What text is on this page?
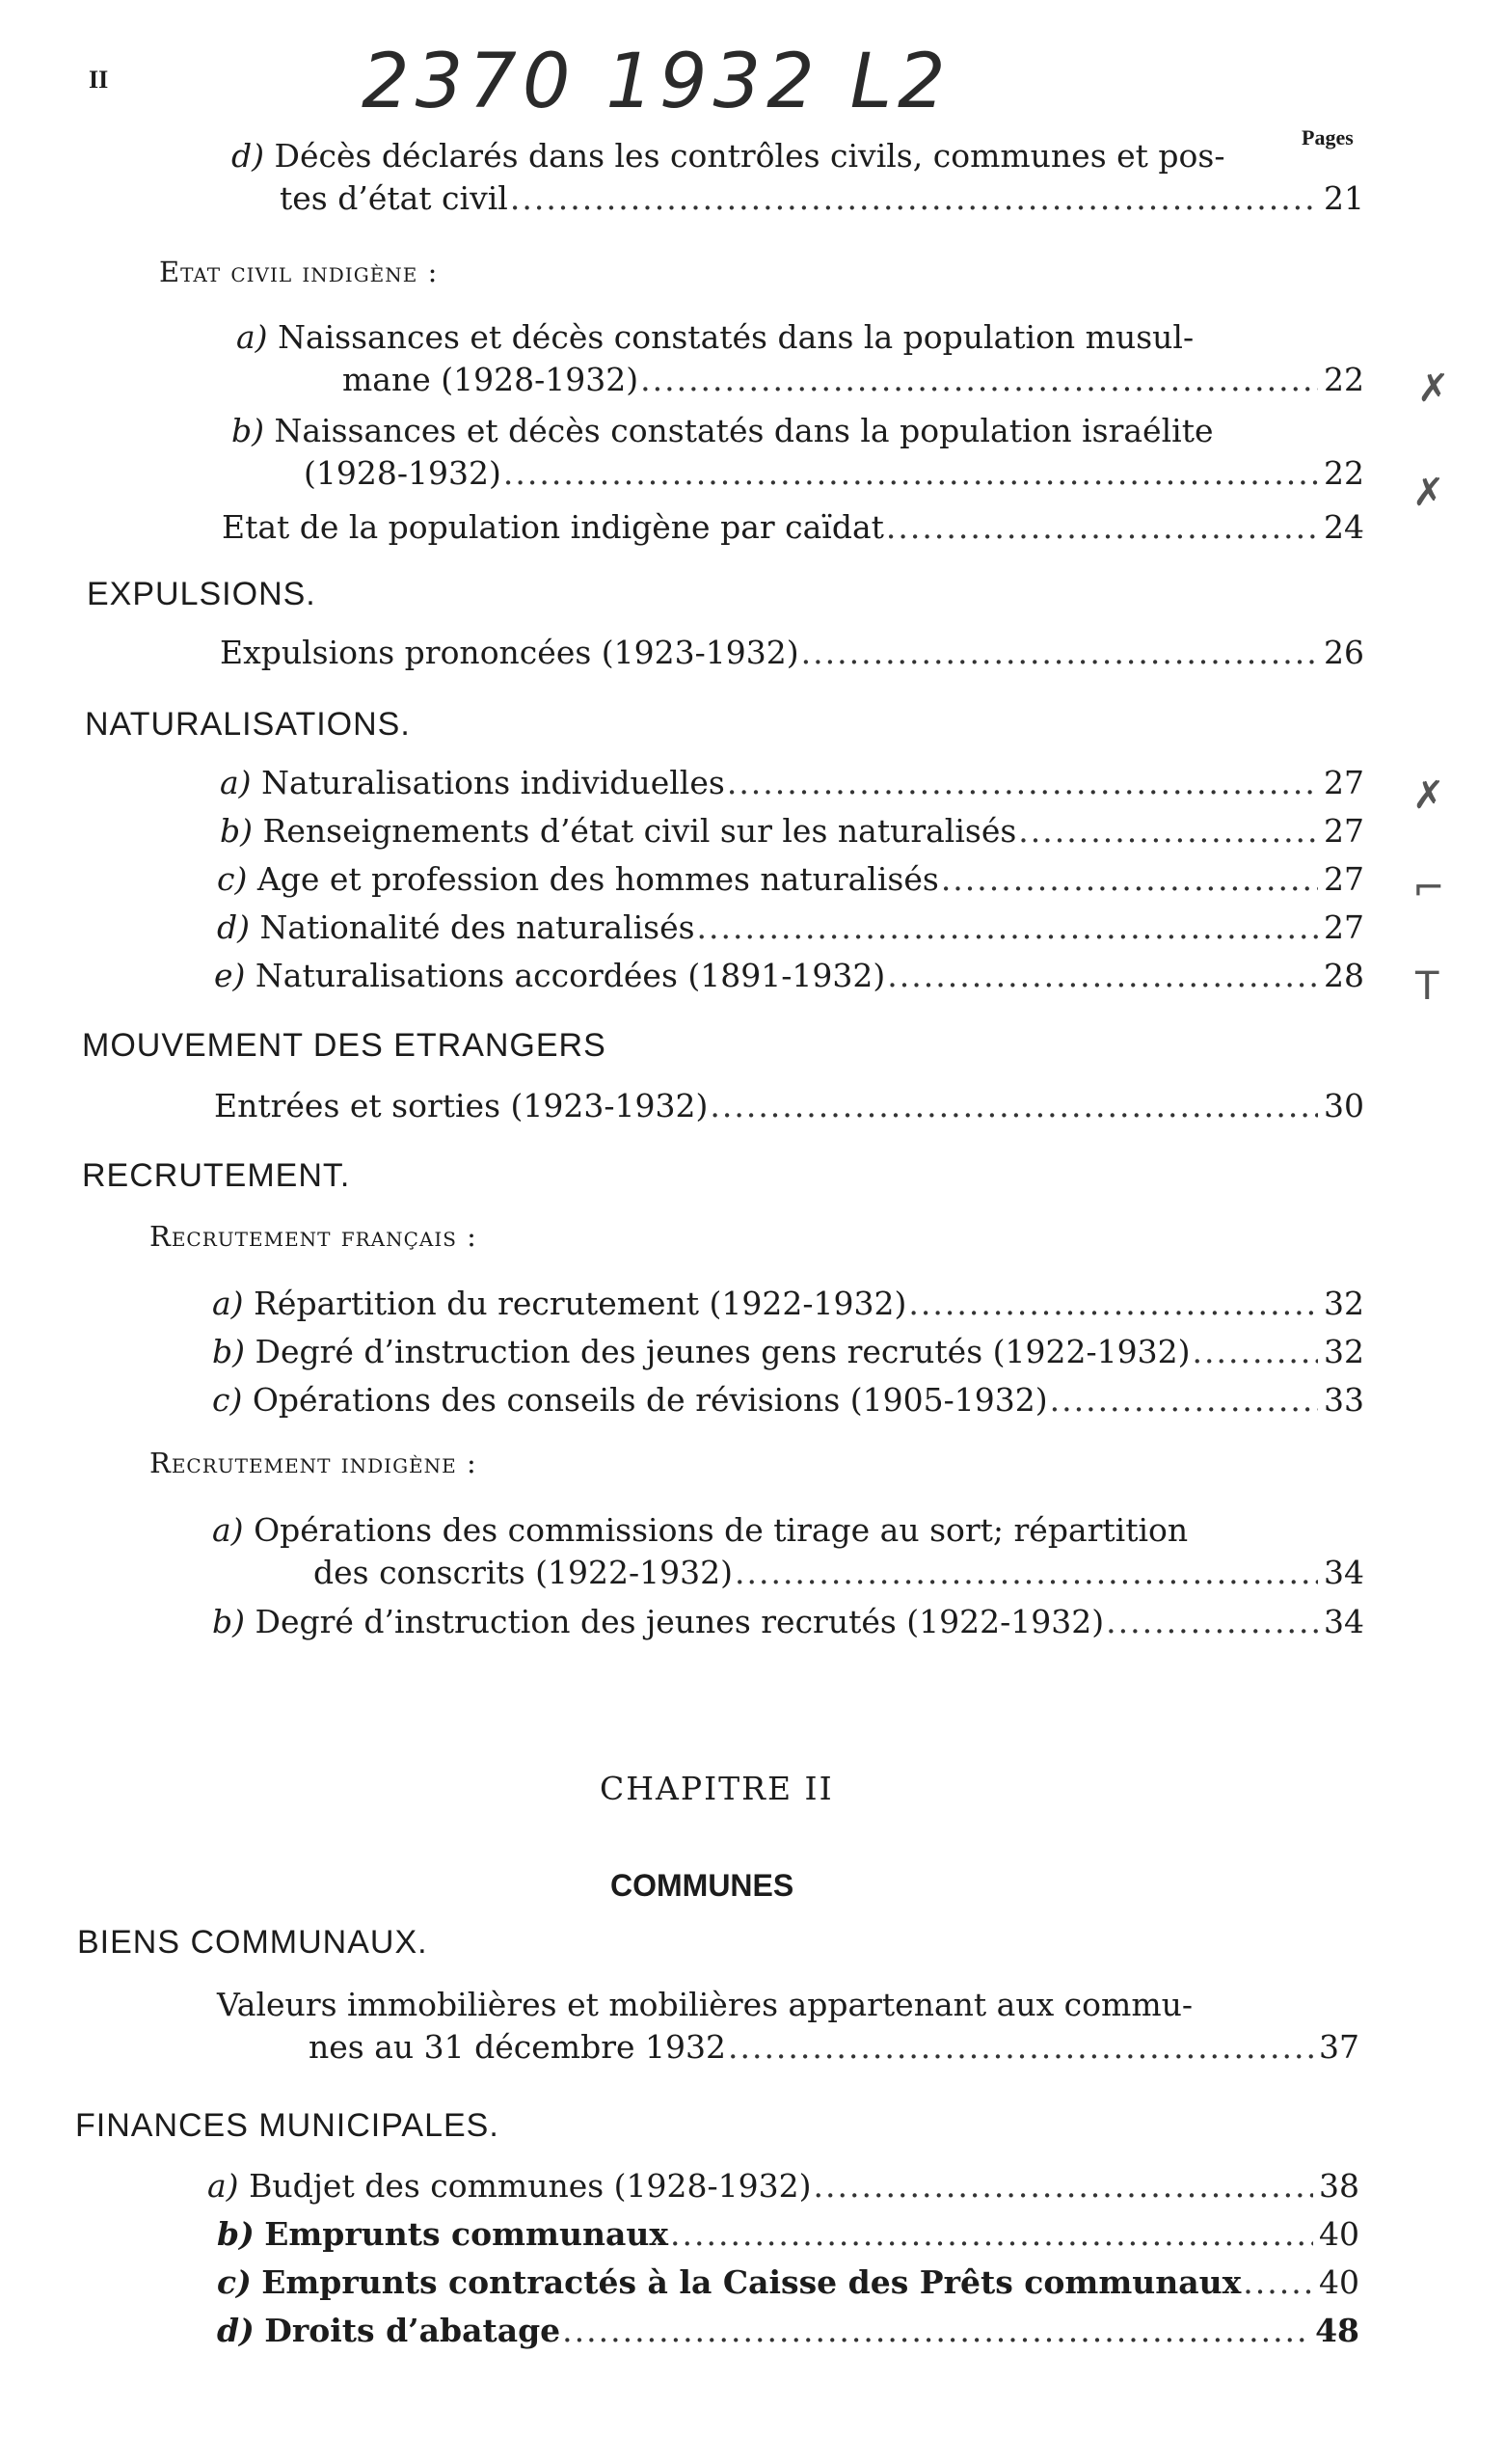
II	2370 1932 L2
Pages
d)
Décès déclarés dans les contrôles civils, communes et pos-
tes d’état civil .....	21
Etat civil indigène :
a)
Naissances et décès constatés dans la population musul-
mane (1928-1932) .....	22
b)
Naissances et décès constatés dans la population israélite
(1928-1932) .....	22
Etat de la population indigène par caïdat .....	24
EXPULSIONS.
Expulsions prononcées (1923-1932) .....	26
NATURALISATIONS.
a)
Naturalisations individuelles .....	27
b)
Renseignements d’état civil sur les naturalisés .....	27
c)
Age et profession des hommes naturalisés .....	27
d)
Nationalité des naturalisés .....	27
e)
Naturalisations accordées (1891-1932) .....	28
MOUVEMENT DES ETRANGERS
Entrées et sorties (1923-1932) .....	30
RECRUTEMENT.
Recrutement français :
a)
Répartition du recrutement (1922-1932) .....	32
b)
Degré d’instruction des jeunes gens recrutés (1922-1932) .....	32
c)
Opérations des conseils de révisions (1905-1932) .....	33
Recrutement indigène :
a)
Opérations des commissions de tirage au sort; répartition
des conscrits (1922-1932) .....	34
b)
Degré d’instruction des jeunes recrutés (1922-1932) .....	34
CHAPITRE II
COMMUNES
BIENS COMMUNAUX.
Valeurs immobilières et mobilières appartenant aux commu-
nes au 31 décembre 1932 .....	37
FINANCES MUNICIPALES.
a)
Budjet des communes (1928-1932) .....	38
b)
Emprunts communaux .....	40
c)
Emprunts contractés à la Caisse des Prêts communaux ..... 40
d)
Droits d’abatage .....	48
✗
✗
✗
⌐
T
